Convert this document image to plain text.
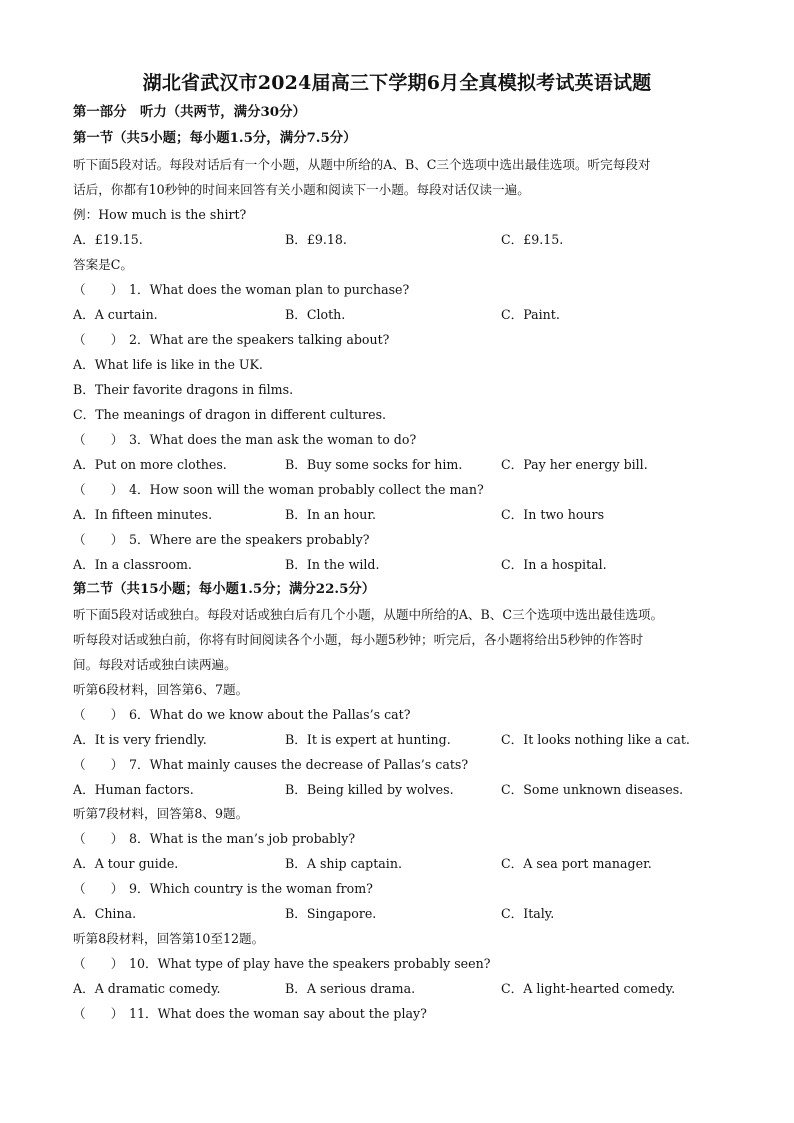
湖北省武汉市2024届高三下学期6月全真模拟考试英语试题
第一部分　听力（共两节，满分30分）
第一节（共5小题；每小题1.5分，满分7.5分）
听下面5段对话。每段对话后有一个小题，从题中所给的A、B、C三个选项中选出最佳选项。听完每段对
话后，你都有10秒钟的时间来回答有关小题和阅读下一小题。每段对话仅读一遍。
例：How much is the shirt?
A．£19.15.	B．£9.18.	C．£9.15.
答案是C。
（　　） 1．What does the woman plan to purchase?
A．A curtain.	B．Cloth.	C．Paint.
（　　） 2．What are the speakers talking about?
A．What life is like in the UK.
B．Their favorite dragons in films.
C．The meanings of dragon in different cultures.
（　　） 3．What does the man ask the woman to do?
A．Put on more clothes.	B．Buy some socks for him.	C．Pay her energy bill.
（　　） 4．How soon will the woman probably collect the man?
A．In fifteen minutes.	B．In an hour.	C．In two hours
（　　） 5．Where are the speakers probably?
A．In a classroom.	B．In the wild.	C．In a hospital.
第二节（共15小题；每小题1.5分；满分22.5分）
听下面5段对话或独白。每段对话或独白后有几个小题，从题中所给的A、B、C三个选项中选出最佳选项。
听每段对话或独白前，你将有时间阅读各个小题，每小题5秒钟；听完后，各小题将给出5秒钟的作答时
间。每段对话或独白读两遍。
听第6段材料，回答第6、7题。
（　　） 6．What do we know about the Pallas’s cat?
A．It is very friendly.	B．It is expert at hunting.	C．It looks nothing like a cat.
（　　） 7．What mainly causes the decrease of Pallas’s cats?
A．Human factors.	B．Being killed by wolves.	C．Some unknown diseases.
听第7段材料，回答第8、9题。
（　　） 8．What is the man’s job probably?
A．A tour guide.	B．A ship captain.	C．A sea port manager.
（　　） 9．Which country is the woman from?
A．China.	B．Singapore.	C．Italy.
听第8段材料，回答第10至12题。
（　　） 10．What type of play have the speakers probably seen?
A．A dramatic comedy.	B．A serious drama.	C．A light-hearted comedy.
（　　） 11．What does the woman say about the play?
